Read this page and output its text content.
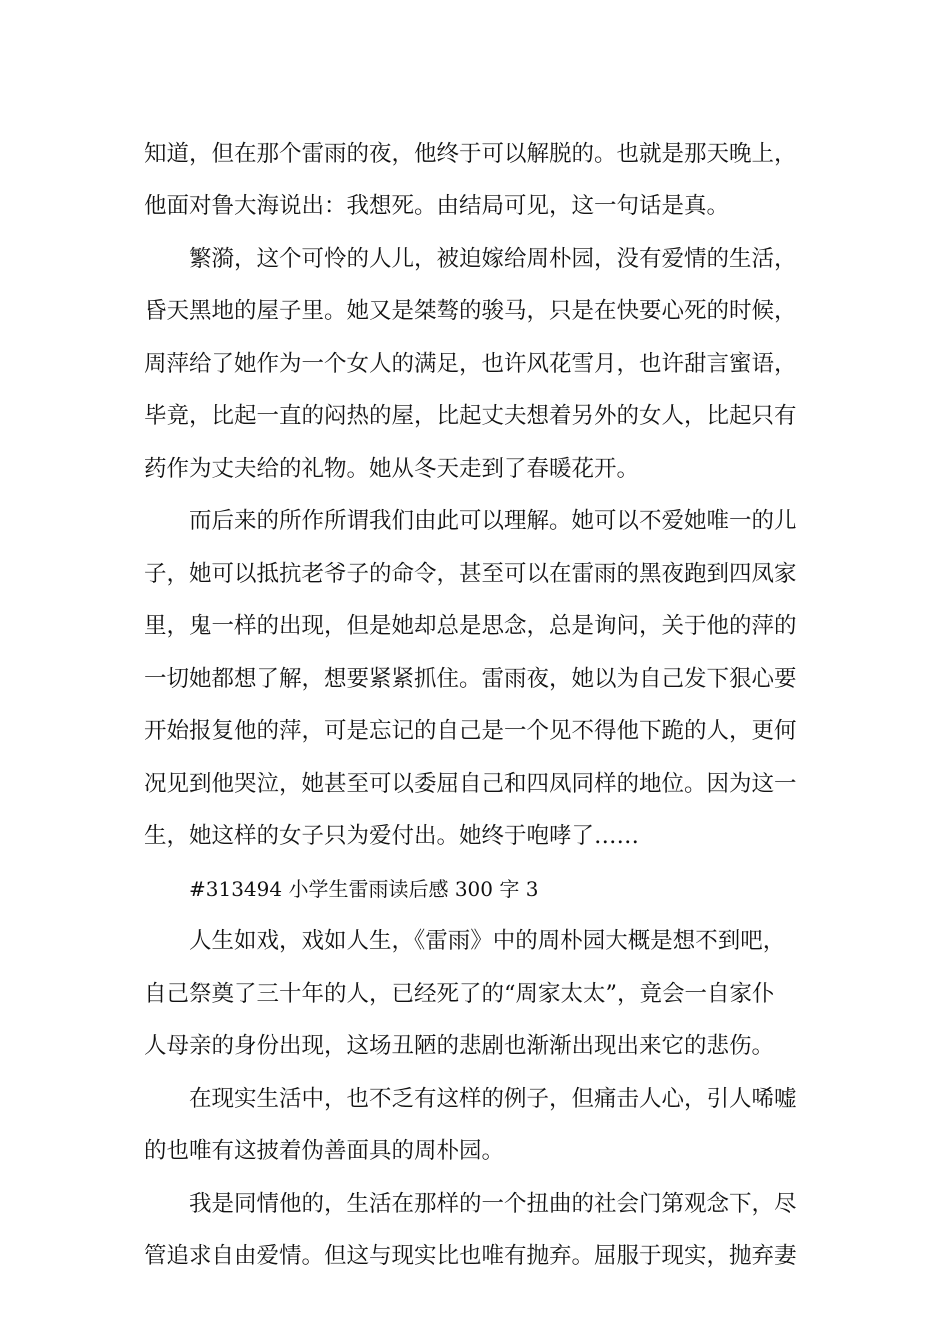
知道，但在那个雷雨的夜，他终于可以解脱的。也就是那天晚上，
他面对鲁大海说出：我想死。由结局可见，这一句话是真。
繁漪，这个可怜的人儿，被迫嫁给周朴园，没有爱情的生活，
昏天黑地的屋子里。她又是桀骜的骏马，只是在快要心死的时候，
周萍给了她作为一个女人的满足，也许风花雪月，也许甜言蜜语，
毕竟，比起一直的闷热的屋，比起丈夫想着另外的女人，比起只有
药作为丈夫给的礼物。她从冬天走到了春暖花开。
而后来的所作所谓我们由此可以理解。她可以不爱她唯一的儿
子，她可以抵抗老爷子的命令，甚至可以在雷雨的黑夜跑到四凤家
里，鬼一样的出现，但是她却总是思念，总是询问，关于他的萍的
一切她都想了解，想要紧紧抓住。雷雨夜，她以为自己发下狠心要
开始报复他的萍，可是忘记的自己是一个见不得他下跪的人，更何
况见到他哭泣，她甚至可以委屈自己和四凤同样的地位。因为这一
生，她这样的女子只为爱付出。她终于咆哮了……
#313494 小学生雷雨读后感 300 字 3
人生如戏，戏如人生，《雷雨》中的周朴园大概是想不到吧，
自己祭奠了三十年的人，已经死了的“周家太太”，竟会一自家仆
人母亲的身份出现，这场丑陋的悲剧也渐渐出现出来它的悲伤。
在现实生活中，也不乏有这样的例子，但痛击人心，引人唏嘘
的也唯有这披着伪善面具的周朴园。
我是同情他的，生活在那样的一个扭曲的社会门第观念下，尽
管追求自由爱情。但这与现实比也唯有抛弃。屈服于现实，抛弃妻
